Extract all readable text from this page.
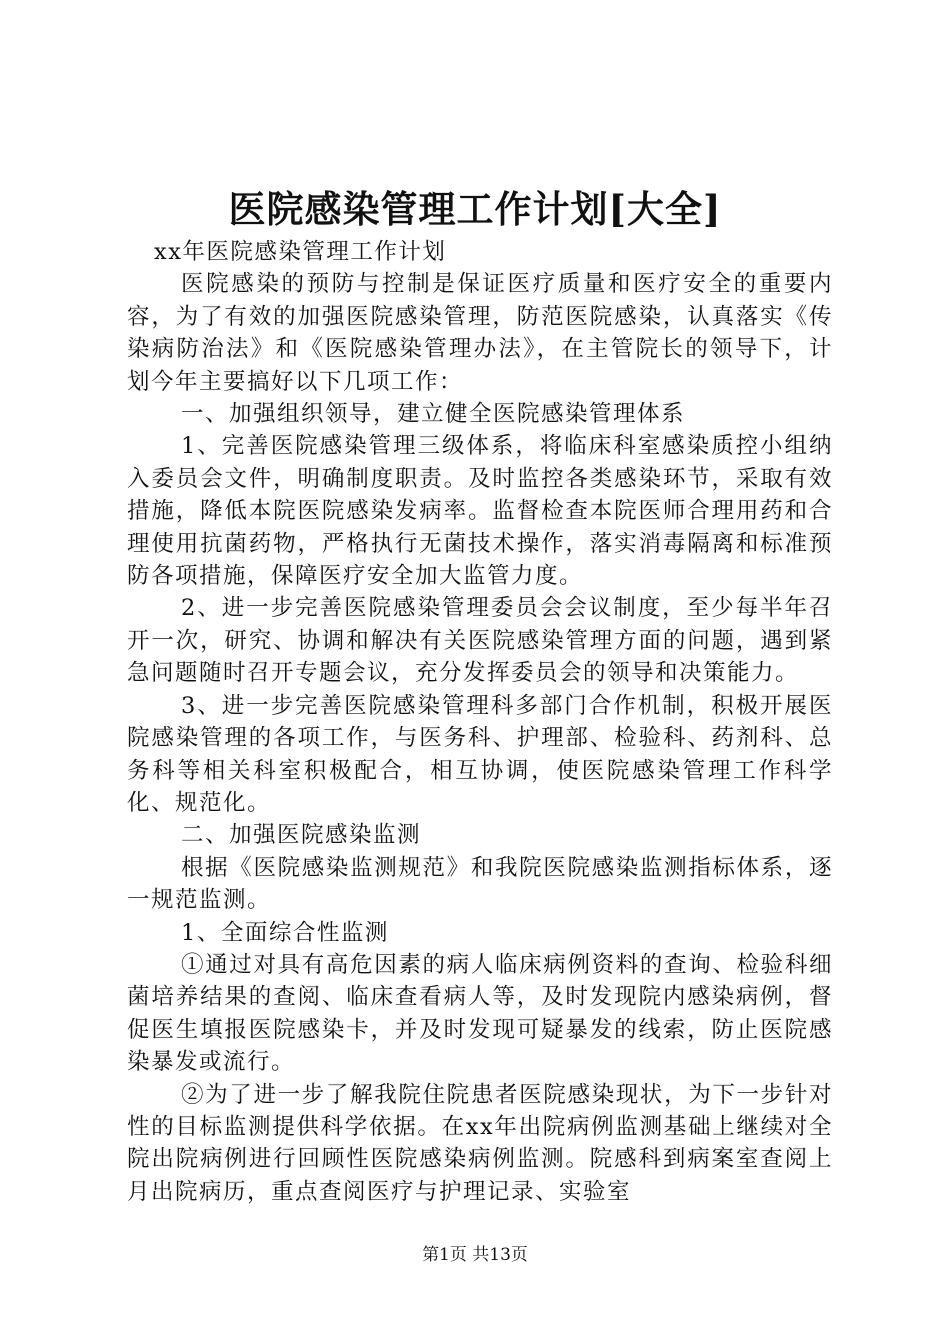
医院感染管理工作计划[大全]

xx年医院感染管理工作计划

医院感染的预防与控制是保证医疗质量和医疗安全的重要内容，为了有效的加强医院感染管理，防范医院感染，认真落实《传染病防治法》和《医院感染管理办法》，在主管院长的领导下，计划今年主要搞好以下几项工作：

一、加强组织领导，建立健全医院感染管理体系

1、完善医院感染管理三级体系，将临床科室感染质控小组纳入委员会文件，明确制度职责。及时监控各类感染环节，采取有效措施，降低本院医院感染发病率。监督检查本院医师合理用药和合理使用抗菌药物，严格执行无菌技术操作，落实消毒隔离和标准预防各项措施，保障医疗安全加大监管力度。

2、进一步完善医院感染管理委员会会议制度，至少每半年召开一次，研究、协调和解决有关医院感染管理方面的问题，遇到紧急问题随时召开专题会议，充分发挥委员会的领导和决策能力。

3、进一步完善医院感染管理科多部门合作机制，积极开展医院感染管理的各项工作，与医务科、护理部、检验科、药剂科、总务科等相关科室积极配合，相互协调，使医院感染管理工作科学化、规范化。

二、加强医院感染监测

根据《医院感染监测规范》和我院医院感染监测指标体系，逐一规范监测。

1、全面综合性监测

①通过对具有高危因素的病人临床病例资料的查询、检验科细菌培养结果的查阅、临床查看病人等，及时发现院内感染病例，督促医生填报医院感染卡，并及时发现可疑暴发的线索，防止医院感染暴发或流行。

②为了进一步了解我院住院患者医院感染现状，为下一步针对性的目标监测提供科学依据。在xx年出院病例监测基础上继续对全院出院病例进行回顾性医院感染病例监测。院感科到病案室查阅上月出院病历，重点查阅医疗与护理记录、实验室

第1页 共13页
